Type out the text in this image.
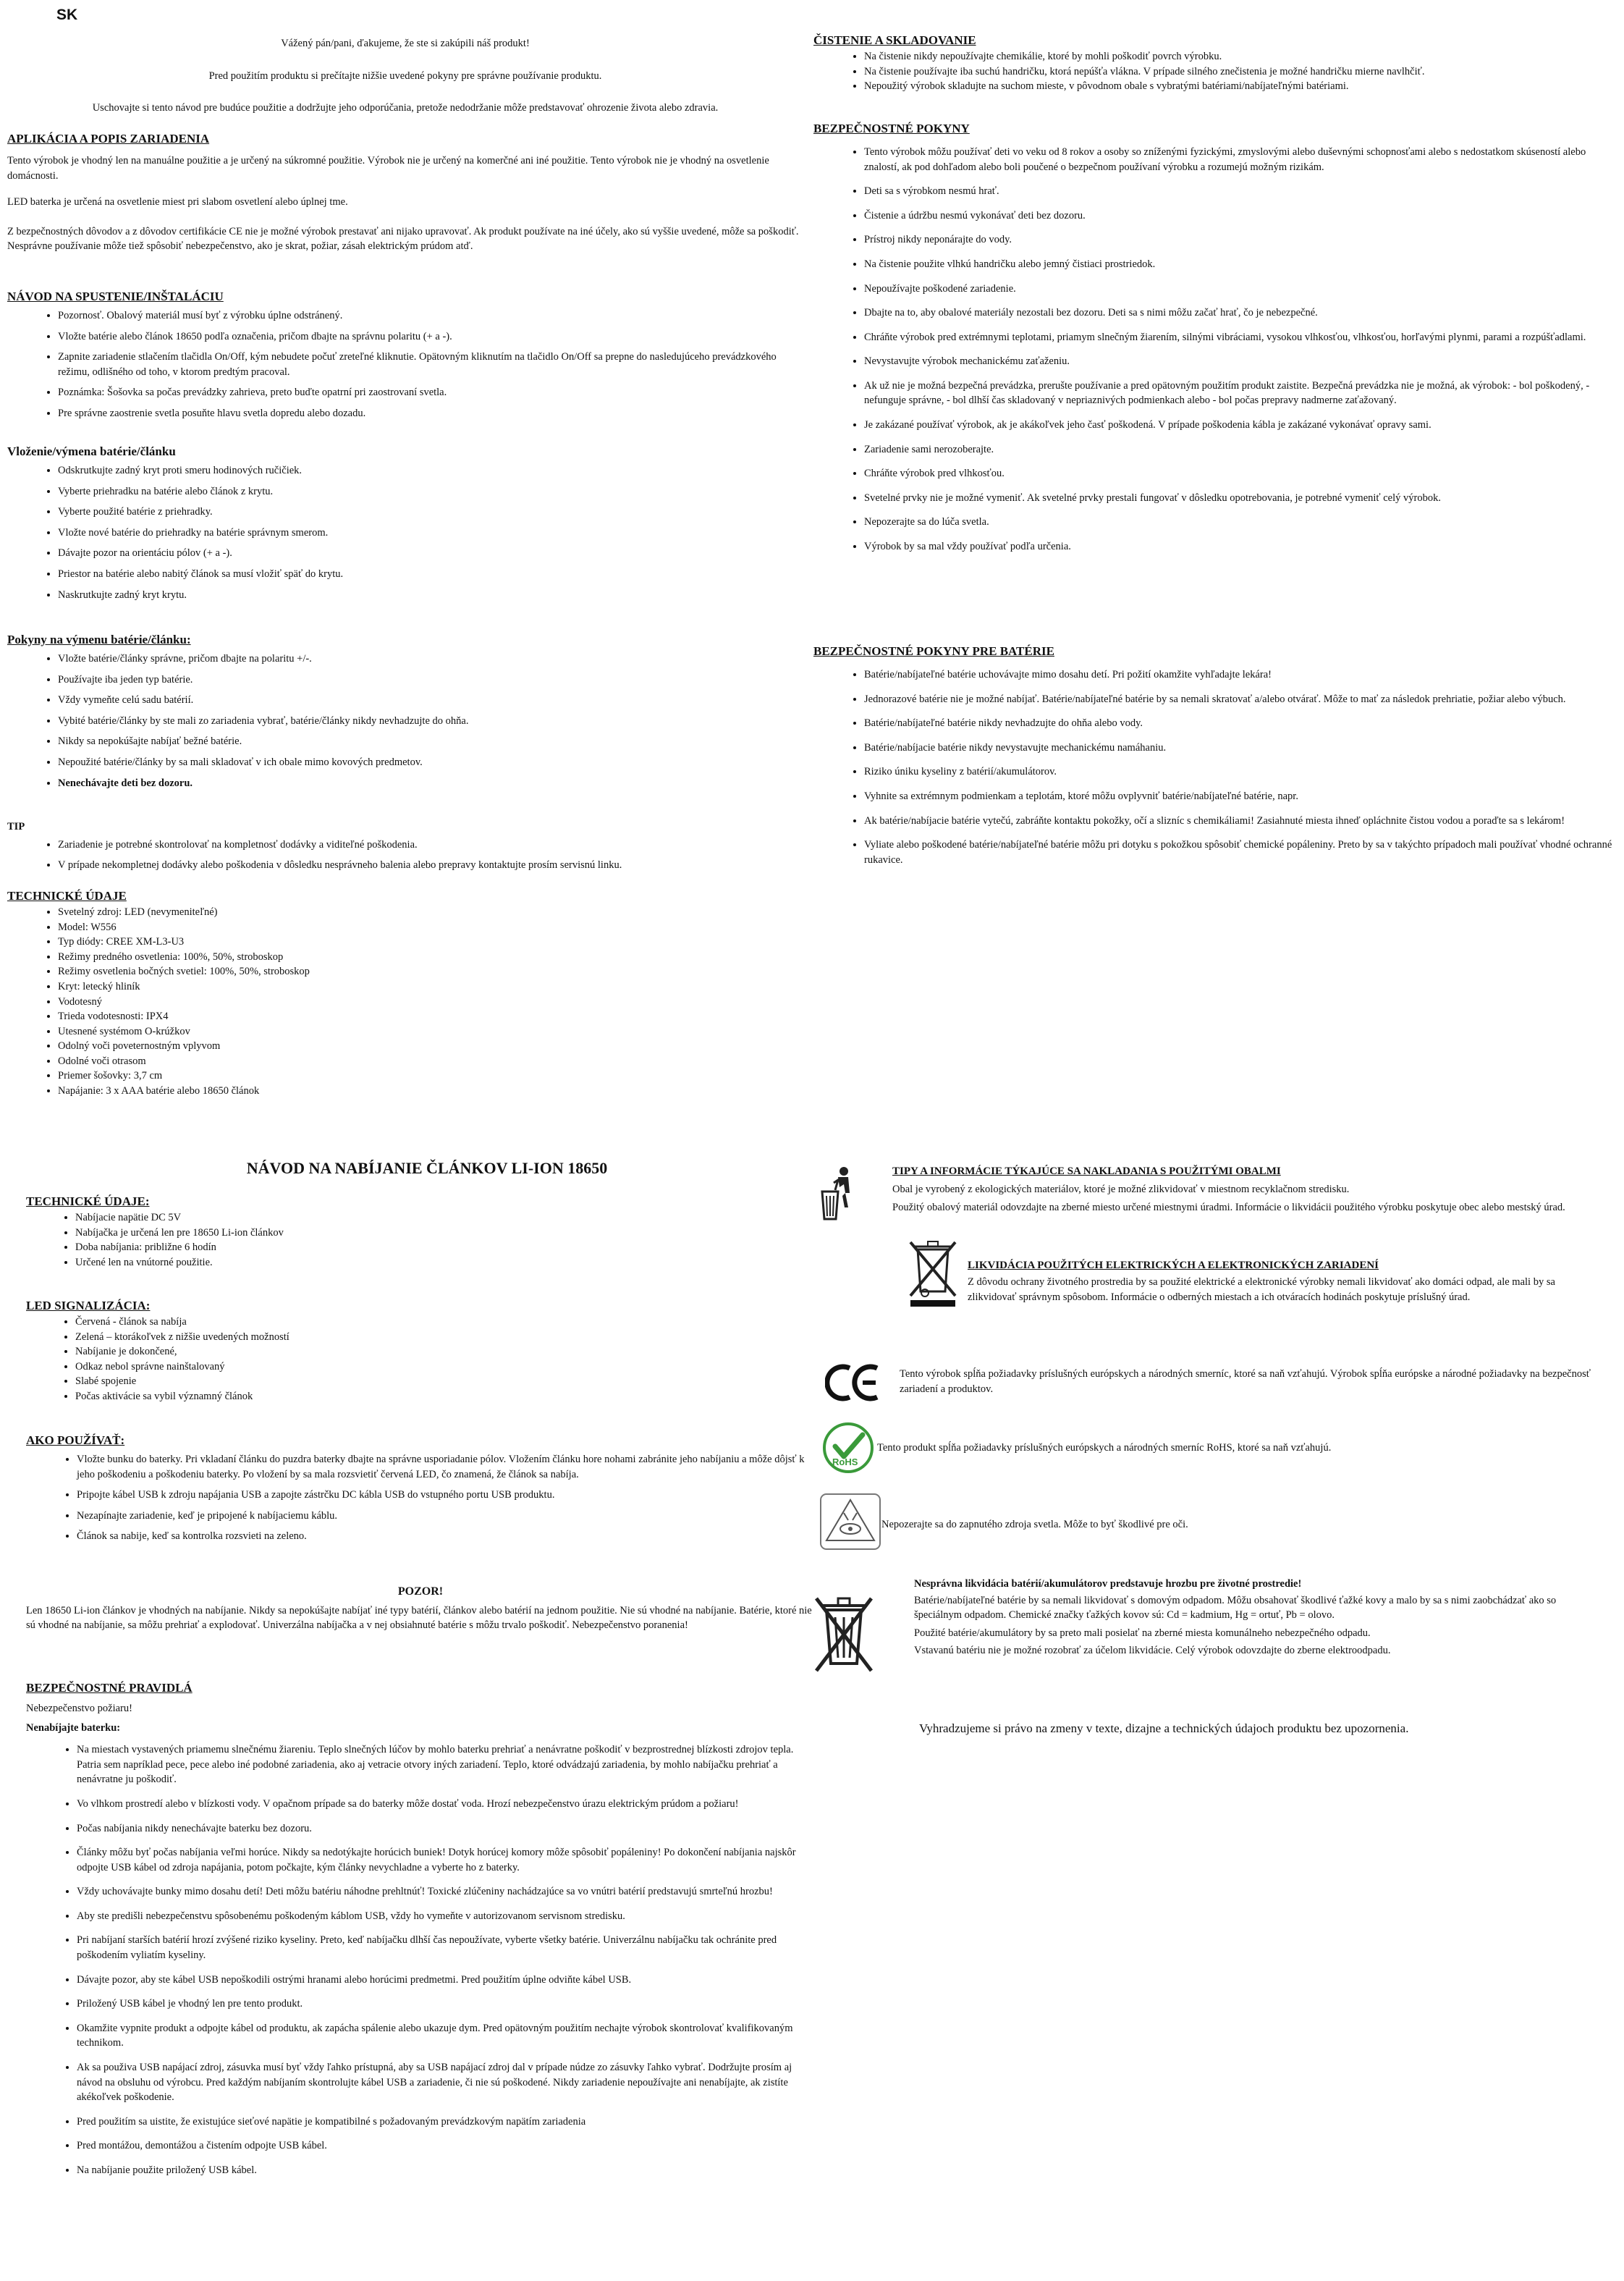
SK

Vážený pán/pani, ďakujeme, že ste si zakúpili náš produkt!

Pred použitím produktu si prečítajte nižšie uvedené pokyny pre správne používanie produktu.

Uschovajte si tento návod pre budúce použitie a dodržujte jeho odporúčania, pretože nedodržanie môže predstavovať ohrozenie života alebo zdravia.

APLIKÁCIA A POPIS ZARIADENIA

Tento výrobok je vhodný len na manuálne použitie a je určený na súkromné použitie. Výrobok nie je určený na komerčné ani iné použitie. Tento výrobok nie je vhodný na osvetlenie domácnosti.

LED baterka je určená na osvetlenie miest pri slabom osvetlení alebo úplnej tme.

Z bezpečnostných dôvodov a z dôvodov certifikácie CE nie je možné výrobok prestavať ani nijako upravovať. Ak produkt používate na iné účely, ako sú vyššie uvedené, môže sa poškodiť. Nesprávne používanie môže tiež spôsobiť nebezpečenstvo, ako je skrat, požiar, zásah elektrickým prúdom atď.

NÁVOD NA SPUSTENIE/INŠTALÁCIU
• Pozornosť. Obalový materiál musí byť z výrobku úplne odstránený.
• Vložte batérie alebo článok 18650 podľa označenia, pričom dbajte na správnu polaritu (+ a -).
• Zapnite zariadenie stlačením tlačidla On/Off, kým nebudete počuť zreteľné kliknutie. Opätovným kliknutím na tlačidlo On/Off sa prepne do nasledujúceho prevádzkového režimu, odlišného od toho, v ktorom predtým pracoval.
• Poznámka: Šošovka sa počas prevádzky zahrieva, preto buďte opatrní pri zaostrovaní svetla.
• Pre správne zaostrenie svetla posuňte hlavu svetla dopredu alebo dozadu.
Vloženie/výmena batérie/článku
• Odskrutkujte zadný kryt proti smeru hodinových ručičiek.
• Vyberte priehradku na batérie alebo článok z krytu.
• Vyberte použité batérie z priehradky.
• Vložte nové batérie do priehradky na batérie správnym smerom.
• Dávajte pozor na orientáciu pólov (+ a -).
• Priestor na batérie alebo nabitý článok sa musí vložiť späť do krytu.
• Naskrutkujte zadný kryt krytu.
Pokyny na výmenu batérie/článku:
• Vložte batérie/články správne, pričom dbajte na polaritu +/-.
• Používajte iba jeden typ batérie.
• Vždy vymeňte celú sadu batérií.
• Vybité batérie/články by ste mali zo zariadenia vybrať, batérie/články nikdy nevhadzujte do ohňa.
• Nikdy sa nepokúšajte nabíjať bežné batérie.
• Nepoužité batérie/články by sa mali skladovať v ich obale mimo kovových predmetov.
• Nenechávajte deti bez dozoru.

TIP

• Zariadenie je potrebné skontrolovať na kompletnosť dodávky a viditeľné poškodenia.
• V prípade nekompletnej dodávky alebo poškodenia v dôsledku nesprávneho balenia alebo prepravy kontaktujte prosím servisnú linku.
TECHNICKÉ ÚDAJE
• Svetelný zdroj: LED (nevymeniteľné)
• Model: W556
• Typ diódy: CREE XM-L3-U3
• Režimy predného osvetlenia: 100%, 50%, stroboskop
• Režimy osvetlenia bočných svetiel: 100%, 50%, stroboskop
• Kryt: letecký hliník
• Vodotesný
• Trieda vodotesnosti: IPX4
• Utesnené systémom O-krúžkov
• Odolný voči poveternostným vplyvom
• Odolné voči otrasom
• Priemer šošovky: 3,7 cm
• Napájanie: 3 x AAA batérie alebo 18650 článok
ČISTENIE A SKLADOVANIE
• Na čistenie nikdy nepoužívajte chemikálie, ktoré by mohli poškodiť povrch výrobku.
• Na čistenie používajte iba suchú handričku, ktorá nepúšťa vlákna. V prípade silného znečistenia je možné handričku mierne navlhčiť.
• Nepoužitý výrobok skladujte na suchom mieste, v pôvodnom obale s vybratými batériami/nabíjateľnými batériami.
BEZPEČNOSTNÉ POKYNY
• Tento výrobok môžu používať deti vo veku od 8 rokov a osoby so zníženými fyzickými, zmyslovými alebo duševnými schopnosťami alebo s nedostatkom skúseností alebo znalostí, ak pod dohľadom alebo boli poučené o bezpečnom používaní výrobku a rozumejú možným rizikám.
• Deti sa s výrobkom nesmú hrať.
• Čistenie a údržbu nesmú vykonávať deti bez dozoru.
• Prístroj nikdy neponárajte do vody.
• Na čistenie použite vlhkú handričku alebo jemný čistiaci prostriedok.
• Nepoužívajte poškodené zariadenie.
• Dbajte na to, aby obalové materiály nezostali bez dozoru. Deti sa s nimi môžu začať hrať, čo je nebezpečné.
• Chráňte výrobok pred extrémnymi teplotami, priamym slnečným žiarením, silnými vibráciami, vysokou vlhkosťou, vlhkosťou, horľavými plynmi, parami a rozpúšťadlami.
• Nevystavujte výrobok mechanickému zaťaženiu.
• Ak už nie je možná bezpečná prevádzka, prerušte používanie a pred opätovným použitím produkt zaistite. Bezpečná prevádzka nie je možná, ak výrobok: - bol poškodený, - nefunguje správne, - bol dlhší čas skladovaný v nepriaznivých podmienkach alebo - bol počas prepravy nadmerne zaťažovaný.
• Je zakázané používať výrobok, ak je akákoľvek jeho časť poškodená. V prípade poškodenia kábla je zakázané vykonávať opravy sami.
• Zariadenie sami nerozoberajte.
• Chráňte výrobok pred vlhkosťou.
• Svetelné prvky nie je možné vymeniť. Ak svetelné prvky prestali fungovať v dôsledku opotrebovania, je potrebné vymeniť celý výrobok.
• Nepozerajte sa do lúča svetla.
• Výrobok by sa mal vždy používať podľa určenia.
BEZPEČNOSTNÉ POKYNY PRE BATÉRIE
• Batérie/nabíjateľné batérie uchovávajte mimo dosahu detí. Pri požití okamžite vyhľadajte lekára!
• Jednorazové batérie nie je možné nabíjať. Batérie/nabíjateľné batérie by sa nemali skratovať a/alebo otvárať. Môže to mať za následok prehriatie, požiar alebo výbuch.
• Batérie/nabíjateľné batérie nikdy nevhadzujte do ohňa alebo vody.
• Batérie/nabíjacie batérie nikdy nevystavujte mechanickému namáhaniu.
• Riziko úniku kyseliny z batérií/akumulátorov.
• Vyhnite sa extrémnym podmienkam a teplotám, ktoré môžu ovplyvniť batérie/nabíjateľné batérie, napr.
• Ak batérie/nabíjacie batérie vytečú, zabráňte kontaktu pokožky, očí a slizníc s chemikáliami! Zasiahnuté miesta ihneď opláchnite čistou vodou a poraďte sa s lekárom!
• Vyliate alebo poškodené batérie/nabíjateľné batérie môžu pri dotyku s pokožkou spôsobiť chemické popáleniny. Preto by sa v takýchto prípadoch mali používať vhodné ochranné rukavice.
NÁVOD NA NABÍJANIE ČLÁNKOV LI-ION 18650
TECHNICKÉ ÚDAJE:
• Nabíjacie napätie DC 5V
• Nabíjačka je určená len pre 18650 Li-ion článkov
• Doba nabíjania: približne 6 hodín
• Určené len na vnútorné použitie.
LED SIGNALIZÁCIA:
• Červená - článok sa nabíja
• Zelená – ktorákoľvek z nižšie uvedených možností
• Nabíjanie je dokončené,
• Odkaz nebol správne nainštalovaný
• Slabé spojenie
• Počas aktivácie sa vybil významný článok
AKO POUŽÍVAŤ:
• Vložte bunku do baterky. Pri vkladaní článku do puzdra baterky dbajte na správne usporiadanie pólov. Vložením článku hore nohami zabránite jeho nabíjaniu a môže dôjsť k jeho poškodeniu a poškodeniu baterky. Po vložení by sa mala rozsvietiť červená LED, čo znamená, že článok sa nabíja.
• Pripojte kábel USB k zdroju napájania USB a zapojte zástrčku DC kábla USB do vstupného portu USB produktu.
• Nezapínajte zariadenie, keď je pripojené k nabíjaciemu káblu.
• Článok sa nabije, keď sa kontrolka rozsvieti na zeleno.

POZOR!

Len 18650 Li-ion článkov je vhodných na nabíjanie. Nikdy sa nepokúšajte nabíjať iné typy batérií, článkov alebo batérií na jednom použitie. Nie sú vhodné na nabíjanie. Batérie, ktoré nie sú vhodné na nabíjanie, sa môžu prehriať a explodovať. Univerzálna nabíjačka a v nej obsiahnuté batérie s môžu trvalo poškodiť. Nebezpečenstvo poranenia!

BEZPEČNOSTNÉ PRAVIDLÁ

Nebezpečenstvo požiaru!

Nenabíjajte baterku:

• Na miestach vystavených priamemu slnečnému žiareniu. Teplo slnečných lúčov by mohlo baterku prehriať a nenávratne poškodiť v bezprostrednej blízkosti zdrojov tepla. Patria sem napríklad pece, pece alebo iné podobné zariadenia, ako aj vetracie otvory iných zariadení. Teplo, ktoré odvádzajú zariadenia, by mohlo nabíjačku prehriať a nenávratne ju poškodiť.
• Vo vlhkom prostredí alebo v blízkosti vody. V opačnom prípade sa do baterky môže dostať voda. Hrozí nebezpečenstvo úrazu elektrickým prúdom a požiaru!
• Počas nabíjania nikdy nenechávajte baterku bez dozoru.
• Články môžu byť počas nabíjania veľmi horúce. Nikdy sa nedotýkajte horúcich buniek! Dotyk horúcej komory môže spôsobiť popáleniny! Po dokončení nabíjania najskôr odpojte USB kábel od zdroja napájania, potom počkajte, kým články nevychladne a vyberte ho z baterky.
• Vždy uchovávajte bunky mimo dosahu detí! Deti môžu batériu náhodne prehltnúť! Toxické zlúčeniny nachádzajúce sa vo vnútri batérií predstavujú smrteľnú hrozbu!
• Aby ste predišli nebezpečenstvu spôsobenému poškodeným káblom USB, vždy ho vymeňte v autorizovanom servisnom stredisku.
• Pri nabíjaní starších batérií hrozí zvýšené riziko kyseliny. Preto, keď nabíjačku dlhší čas nepoužívate, vyberte všetky batérie. Univerzálnu nabíjačku tak ochránite pred poškodením vyliatím kyseliny.
• Dávajte pozor, aby ste kábel USB nepoškodili ostrými hranami alebo horúcimi predmetmi. Pred použitím úplne odviňte kábel USB.
• Priložený USB kábel je vhodný len pre tento produkt.
• Okamžite vypnite produkt a odpojte kábel od produktu, ak zapácha spálenie alebo ukazuje dym. Pred opätovným použitím nechajte výrobok skontrolovať kvalifikovaným technikom.
• Ak sa použiva USB napájací zdroj, zásuvka musí byť vždy ľahko prístupná, aby sa USB napájací zdroj dal v prípade núdze zo zásuvky ľahko vybrať. Dodržujte prosím aj návod na obsluhu od výrobcu. Pred každým nabíjaním skontrolujte kábel USB a zariadenie, či nie sú poškodené. Nikdy zariadenie nepoužívajte ani nenabíjajte, ak zistíte akékoľvek poškodenie.
• Pred použitím sa uistite, že existujúce sieťové napätie je kompatibilné s požadovaným prevádzkovým napätím zariadenia
• Pred montážou, demontážou a čistením odpojte USB kábel.
• Na nabíjanie použite priložený USB kábel.
TIPY A INFORMÁCIE TÝKAJÚCE SA NAKLADANIA S POUŽITÝMI OBALMI

Obal je vyrobený z ekologických materiálov, ktoré je možné zlikvidovať v miestnom recyklačnom stredisku.

Použitý obalový materiál odovzdajte na zberné miesto určené miestnymi úradmi. Informácie o likvidácii použitého výrobku poskytuje obec alebo mestský úrad.

LIKVIDÁCIA POUŽITÝCH ELEKTRICKÝCH A ELEKTRONICKÝCH ZARIADENÍ

Z dôvodu ochrany životného prostredia by sa použité elektrické a elektronické výrobky nemali likvidovať ako domáci odpad, ale mali by sa zlikvidovať správnym spôsobom. Informácie o odberných miestach a ich otváracích hodinách poskytuje príslušný úrad.

Tento výrobok spĺňa požiadavky príslušných európskych a národných smerníc, ktoré sa naň vzťahujú. Výrobok spĺňa európske a národné požiadavky na bezpečnosť zariadení a produktov.

RoHS

Tento produkt spĺňa požiadavky príslušných európskych a národných smerníc RoHS, ktoré sa naň vzťahujú.

Nepozerajte sa do zapnutého zdroja svetla. Môže to byť škodlivé pre oči.

Nesprávna likvidácia batérií/akumulátorov predstavuje hrozbu pre životné prostredie!

Batérie/nabíjateľné batérie by sa nemali likvidovať s domovým odpadom. Môžu obsahovať škodlivé ťažké kovy a malo by sa s nimi zaobchádzať ako so špeciálnym odpadom. Chemické značky ťažkých kovov sú: Cd = kadmium, Hg = ortuť, Pb = olovo.

Použité batérie/akumulátory by sa preto mali posielať na zberné miesta komunálneho nebezpečného odpadu.

Vstavanú batériu nie je možné rozobrať za účelom likvidácie. Celý výrobok odovzdajte do zberne elektroodpadu.

Vyhradzujeme si právo na zmeny v texte, dizajne a technických údajoch produktu bez upozornenia.
